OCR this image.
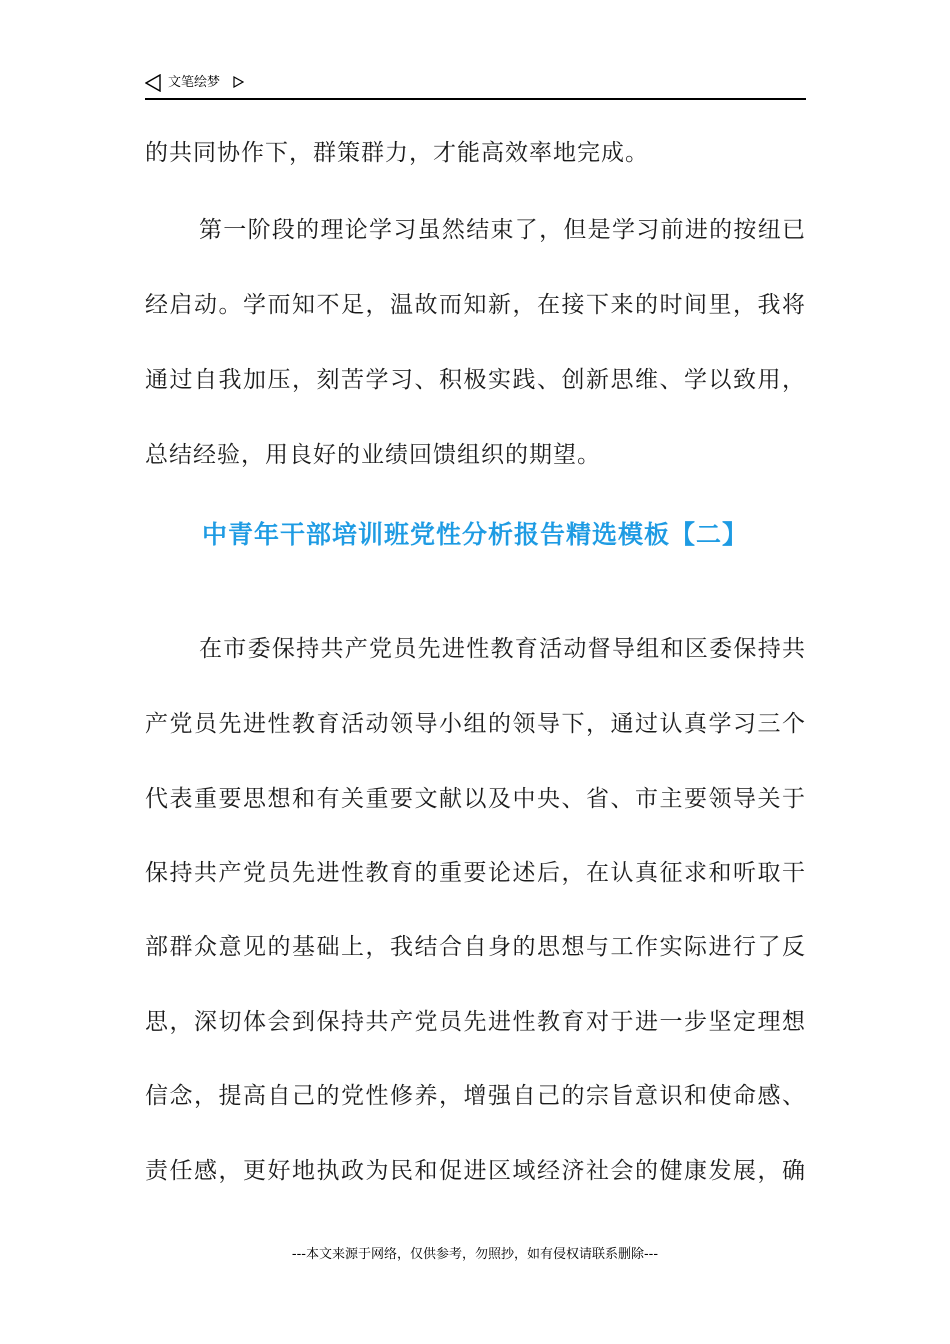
文笔绘梦
的共同协作下，群策群力，才能高效率地完成。
第一阶段的理论学习虽然结束了，但是学习前进的按纽已
经启动。学而知不足，温故而知新，在接下来的时间里，我将
通过自我加压，刻苦学习、积极实践、创新思维、学以致用，
总结经验，用良好的业绩回馈组织的期望。
中青年干部培训班党性分析报告精选模板【二】
在市委保持共产党员先进性教育活动督导组和区委保持共
产党员先进性教育活动领导小组的领导下，通过认真学习三个
代表重要思想和有关重要文献以及中央、省、市主要领导关于
保持共产党员先进性教育的重要论述后，在认真征求和听取干
部群众意见的基础上，我结合自身的思想与工作实际进行了反
思，深切体会到保持共产党员先进性教育对于进一步坚定理想
信念，提高自己的党性修养，增强自己的宗旨意识和使命感、
责任感，更好地执政为民和促进区域经济社会的健康发展，确
---本文来源于网络，仅供参考，勿照抄，如有侵权请联系删除---
